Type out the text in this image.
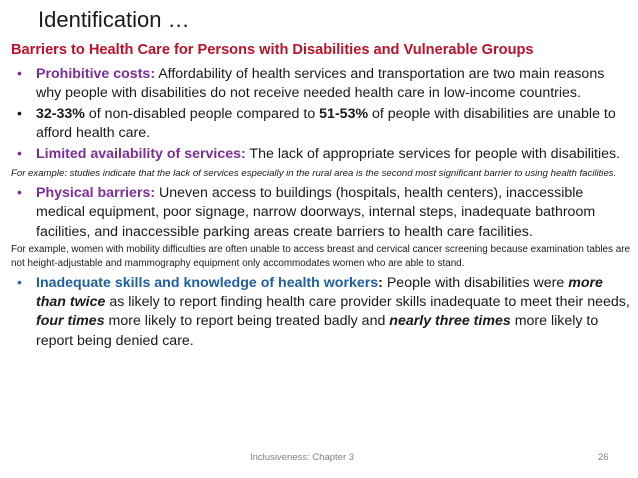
Identification …
Barriers to Health Care for Persons with Disabilities and Vulnerable Groups
• Prohibitive costs: Affordability of health services and transportation are two main reasons why people with disabilities do not receive needed health care in low-income countries.
• 32-33% of non-disabled people compared to 51-53% of people with disabilities are unable to afford health care.
• Limited availability of services: The lack of appropriate services for people with disabilities.
For example: studies indicate that the lack of services especially in the rural area is the second most significant barrier to using health facilities.
• Physical barriers: Uneven access to buildings (hospitals, health centers), inaccessible medical equipment, poor signage, narrow doorways, internal steps, inadequate bathroom facilities, and inaccessible parking areas create barriers to health care facilities.
For example, women with mobility difficulties are often unable to access breast and cervical cancer screening because examination tables are not height-adjustable and mammography equipment only accommodates women who are able to stand.
• Inadequate skills and knowledge of health workers: People with disabilities were more than twice as likely to report finding health care provider skills inadequate to meet their needs, four times more likely to report being treated badly and nearly three times more likely to report being denied care.
Inclusiveness: Chapter 3	26
